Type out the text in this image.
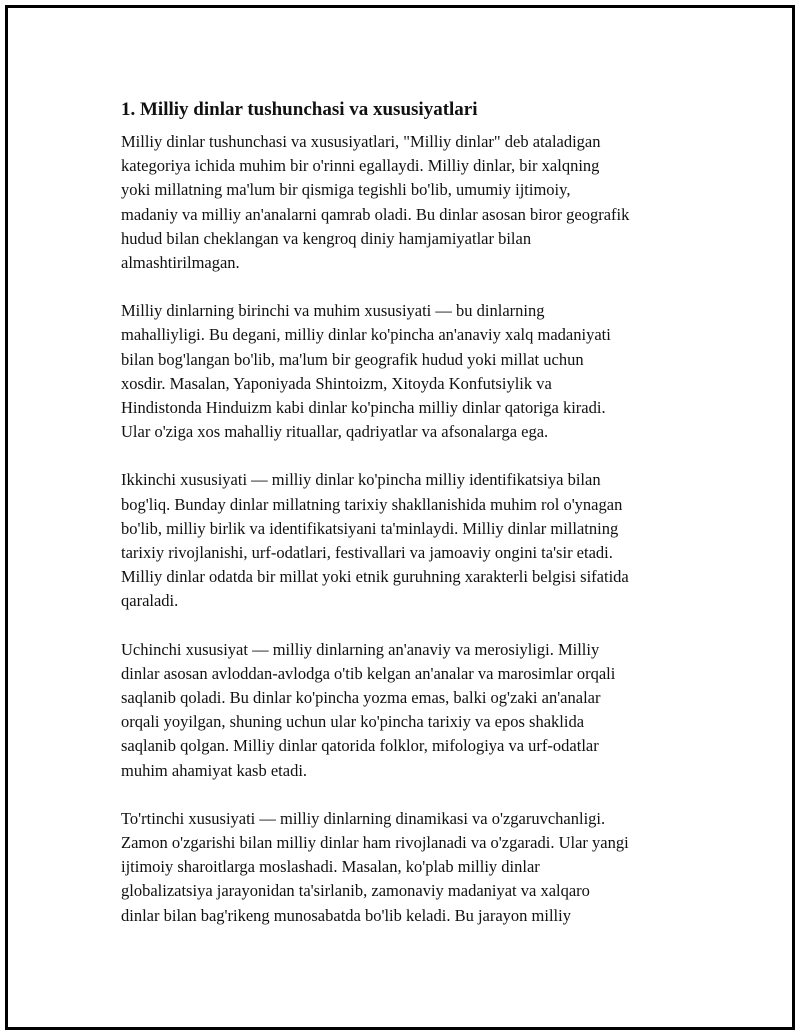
1. Milliy dinlar tushunchasi va xususiyatlari

Milliy dinlar tushunchasi va xususiyatlari, "Milliy dinlar" deb ataladigan
kategoriya ichida muhim bir o'rinni egallaydi. Milliy dinlar, bir xalqning
yoki millatning ma'lum bir qismiga tegishli bo'lib, umumiy ijtimoiy,
madaniy va milliy an'analarni qamrab oladi. Bu dinlar asosan biror geografik
hudud bilan cheklangan va kengroq diniy hamjamiyatlar bilan
almashtirilmagan.

Milliy dinlarning birinchi va muhim xususiyati — bu dinlarning
mahalliyligi. Bu degani, milliy dinlar ko'pincha an'anaviy xalq madaniyati
bilan bog'langan bo'lib, ma'lum bir geografik hudud yoki millat uchun
xosdir. Masalan, Yaponiyada Shintoizm, Xitoyda Konfutsiylik va
Hindistonda Hinduizm kabi dinlar ko'pincha milliy dinlar qatoriga kiradi.
Ular o'ziga xos mahalliy rituallar, qadriyatlar va afsonalarga ega.

Ikkinchi xususiyati — milliy dinlar ko'pincha milliy identifikatsiya bilan
bog'liq. Bunday dinlar millatning tarixiy shakllanishida muhim rol o'ynagan
bo'lib, milliy birlik va identifikatsiyani ta'minlaydi. Milliy dinlar millatning
tarixiy rivojlanishi, urf-odatlari, festivallari va jamoaviy ongini ta'sir etadi.
Milliy dinlar odatda bir millat yoki etnik guruhning xarakterli belgisi sifatida
qaraladi.

Uchinchi xususiyat — milliy dinlarning an'anaviy va merosiyligi. Milliy
dinlar asosan avloddan-avlodga o'tib kelgan an'analar va marosimlar orqali
saqlanib qoladi. Bu dinlar ko'pincha yozma emas, balki og'zaki an'analar
orqali yoyilgan, shuning uchun ular ko'pincha tarixiy va epos shaklida
saqlanib qolgan. Milliy dinlar qatorida folklor, mifologiya va urf-odatlar
muhim ahamiyat kasb etadi.

To'rtinchi xususiyati — milliy dinlarning dinamikasi va o'zgaruvchanligi.
Zamon o'zgarishi bilan milliy dinlar ham rivojlanadi va o'zgaradi. Ular yangi
ijtimoiy sharoitlarga moslashadi. Masalan, ko'plab milliy dinlar
globalizatsiya jarayonidan ta'sirlanib, zamonaviy madaniyat va xalqaro
dinlar bilan bag'rikeng munosabatda bo'lib keladi. Bu jarayon milliy
